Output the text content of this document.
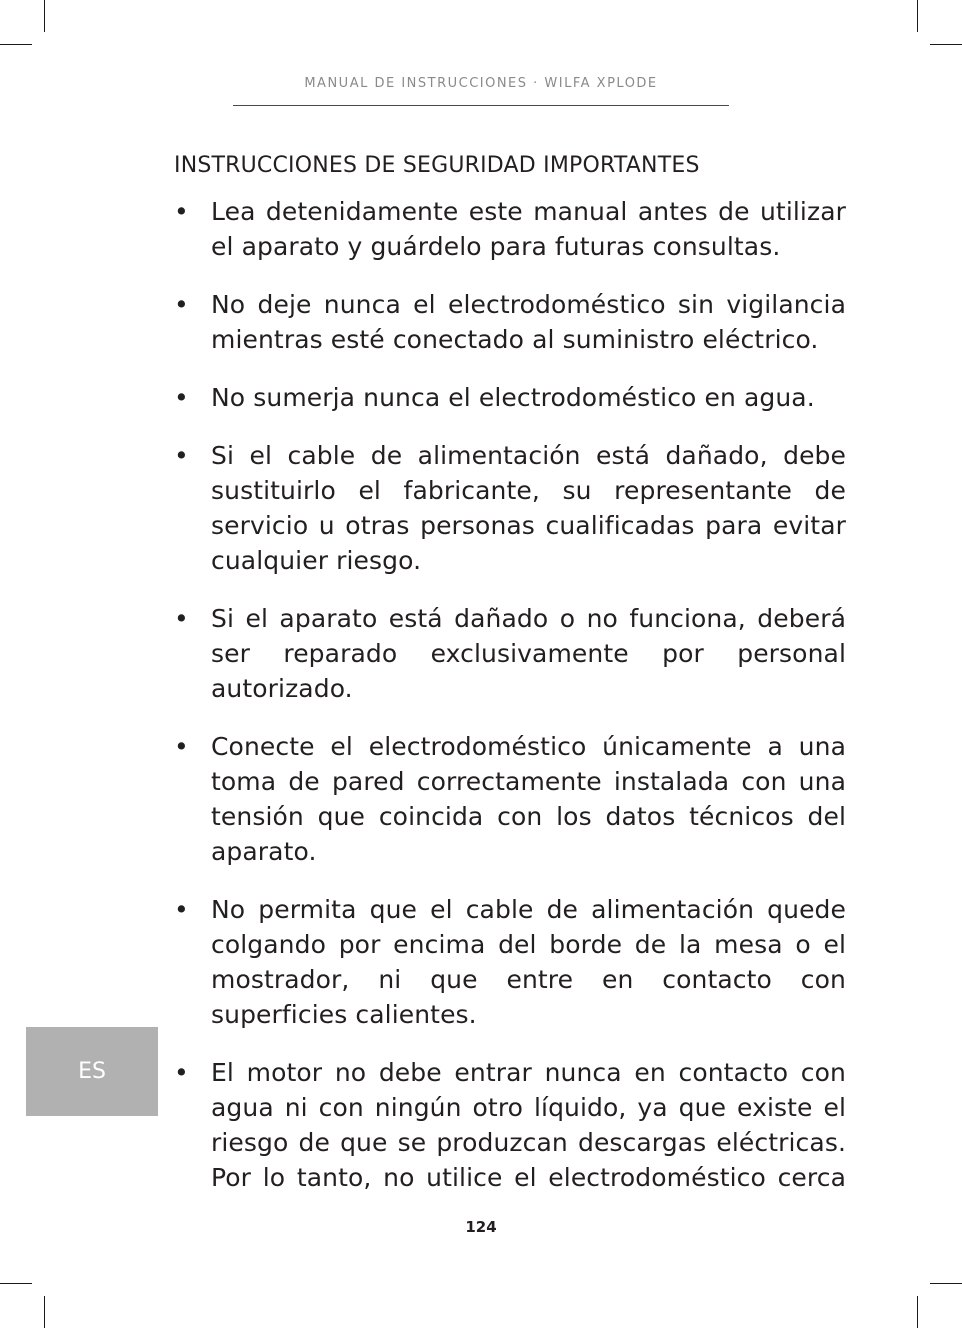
MANUAL DE INSTRUCCIONES · WILFA XPLODE
INSTRUCCIONES DE SEGURIDAD IMPORTANTES
• Lea detenidamente este manual antes de utilizar el aparato y guárdelo para futuras consultas.
• No deje nunca el electrodoméstico sin vigilancia mientras esté conectado al suministro eléctrico.
• No sumerja nunca el electrodoméstico en agua.
• Si el cable de alimentación está dañado, debe sustituirlo el fabricante, su representante de servicio u otras personas cualificadas para evitar cualquier riesgo.
• Si el aparato está dañado o no funciona, deberá ser reparado exclusivamente por personal autorizado.
• Conecte el electrodoméstico únicamente a una toma de pared correctamente instalada con una tensión que coincida con los datos técnicos del aparato.
• No permita que el cable de alimentación quede colgando por encima del borde de la mesa o el mostrador, ni que entre en contacto con superficies calientes.
• El motor no debe entrar nunca en contacto con agua ni con ningún otro líquido, ya que existe el riesgo de que se produzcan descargas eléctricas. Por lo tanto, no utilice el electrodoméstico cerca
ES
124
